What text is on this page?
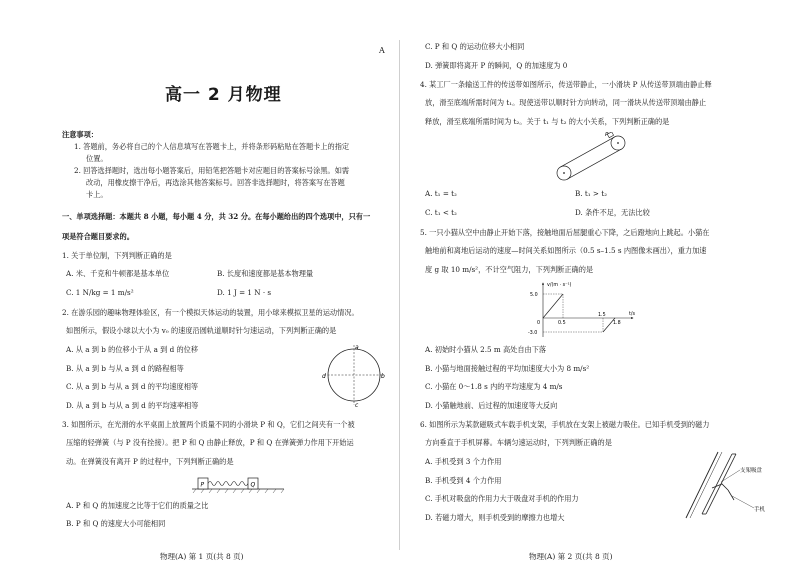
A
高一 2 月物理
注意事项：
1. 答题前，务必将自己的个人信息填写在答题卡上，并将条形码粘贴在答题卡上的指定
位置。
2. 回答选择题时，选出每小题答案后，用铅笔把答题卡对应题目的答案标号涂黑。如需
改动，用橡皮擦干净后，再选涂其他答案标号。回答非选择题时，将答案写在答题
卡上。
一、单项选择题：本题共 8 小题，每小题 4 分，共 32 分。在每小题给出的四个选项中，只有一
项是符合题目要求的。
1. 关于单位制，下列判断正确的是
A. 米、千克和牛顿都是基本单位	B. 长度和速度都是基本物理量
C. 1 N/kg = 1 m/s²	D. 1 J = 1 N · s
2. 在游乐园的趣味物理体验区，有一个模拟天体运动的装置，用小球来模拟卫星的运动情况。
如图所示，假设小球以大小为 v₀ 的速度沿圆轨道顺时针匀速运动，下列判断正确的是
A. 从 a 到 b 的位移小于从 a 到 d 的位移
B. 从 a 到 b 与从 a 到 d 的路程相等
C. 从 a 到 b 与从 a 到 d 的平均速度相等
D. 从 a 到 b 与从 a 到 d 的平均速率相等
a
b
c
d
3. 如图所示，在光滑的水平桌面上放置两个质量不同的小滑块 P 和 Q，它们之间夹有一个被
压缩的轻弹簧（与 P 没有拴接）。把 P 和 Q 由静止释放，P 和 Q 在弹簧弹力作用下开始运
动。在弹簧没有离开 P 的过程中，下列判断正确的是
P	Q
A. P 和 Q 的加速度之比等于它们的质量之比
B. P 和 Q 的速度大小可能相同
物理(A) 第 1 页(共 8 页)
C. P 和 Q 的运动位移大小相同
D. 弹簧即将离开 P 的瞬间，Q 的加速度为 0
4. 某工厂一条输送工件的传送带如图所示，传送带静止，一小滑块 P 从传送带顶端由静止释
放，滑至底端所需时间为 t₁。现使送带以顺时针方向转动，同一滑块从传送带顶端由静止
释放，滑至底端所需时间为 t₂。关于 t₁ 与 t₂ 的大小关系，下列判断正确的是
P
A. t₁ = t₂	B. t₁ > t₂
C. t₁ < t₂	D. 条件不足，无法比较
5. 一只小猫从空中由静止开始下落，接触地面后屈腿重心下降，之后蹬地向上跳起。小猫在
触地前和离地后运动的速度—时间关系如图所示（0.5 s–1.5 s 内图像未画出），重力加速
度 g 取 10 m/s²，不计空气阻力，下列判断正确的是
v/(m · s⁻¹)
t/s
5.0
-3.0
0	0.5
1.5
1.8
A. 初始时小猫从 2.5 m 高处自由下落
B. 小猫与地面接触过程的平均加速度大小为 8 m/s²
C. 小猫在 0～1.8 s 内的平均速度为 4 m/s
D. 小猫触地前、后过程的加速度等大反向
6. 如图所示为某款磁吸式车载手机支架，手机放在支架上被磁力吸住。已知手机受到的磁力
方向垂直于手机屏幕。车辆匀速运动时，下列判断正确的是
A. 手机受到 3 个力作用
B. 手机受到 4 个力作用
C. 手机对吸盘的作用力大于吸盘对手机的作用力
D. 若磁力增大，则手机受到的摩擦力也增大
支架吸盘
手机
物理(A) 第 2 页(共 8 页)
